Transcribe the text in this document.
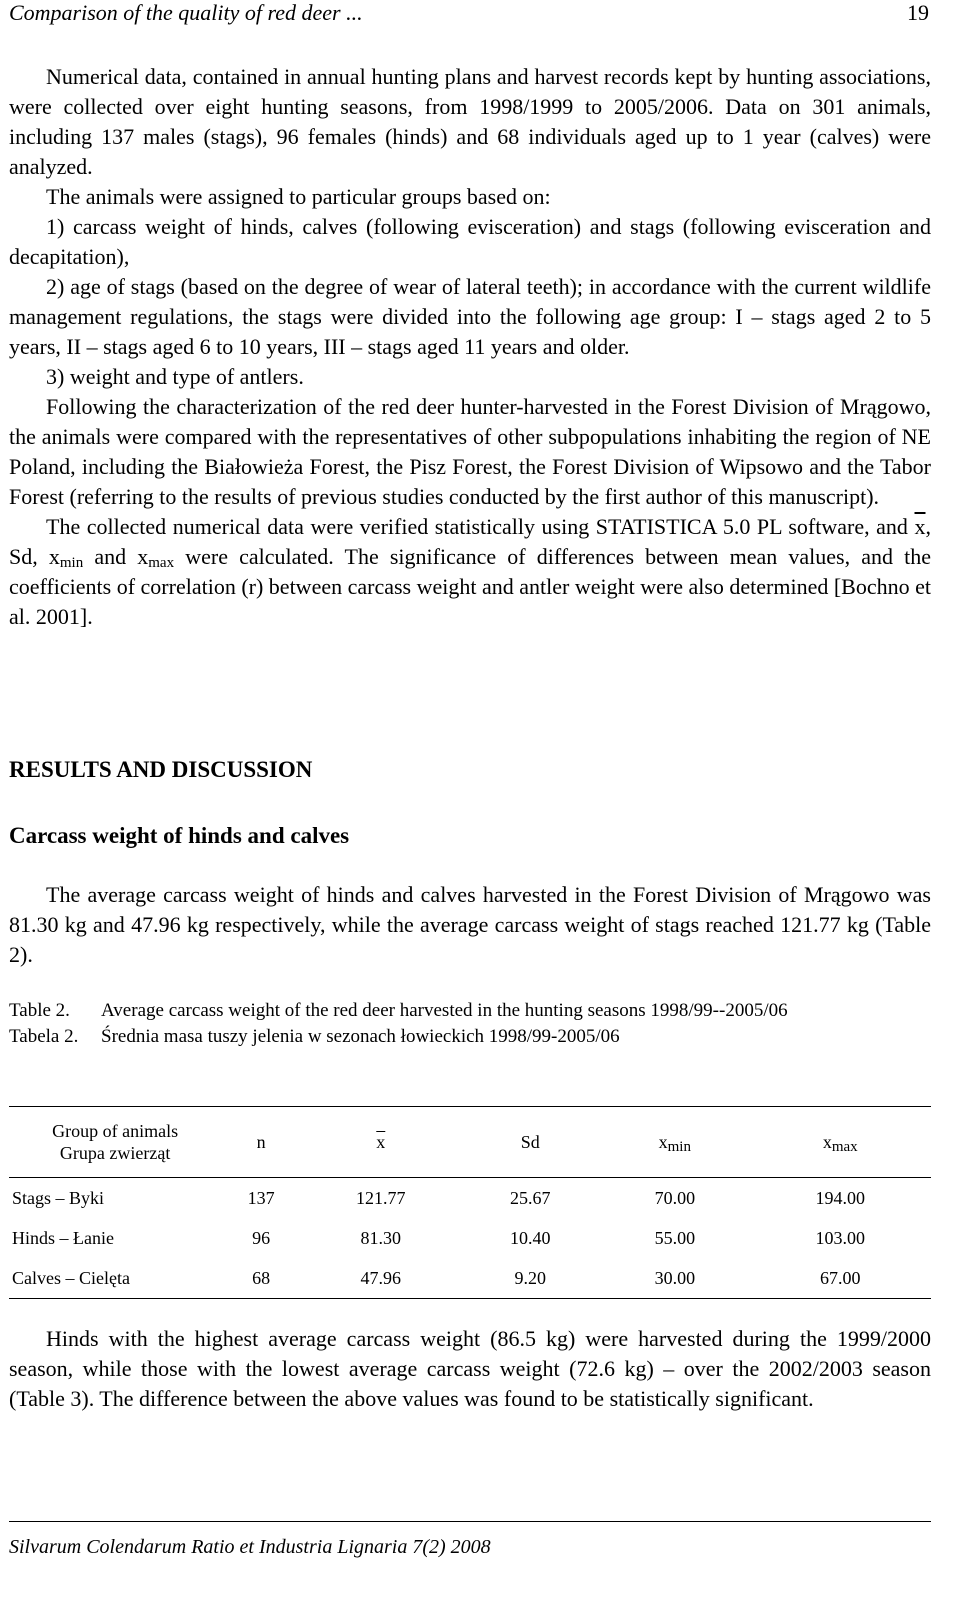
Comparison of the quality of red deer ...	19

Numerical data, contained in annual hunting plans and harvest records kept by hunting associations, were collected over eight hunting seasons, from 1998/1999 to 2005/2006. Data on 301 animals, including 137 males (stags), 96 females (hinds) and 68 individuals aged up to 1 year (calves) were analyzed.

The animals were assigned to particular groups based on:

1) carcass weight of hinds, calves (following evisceration) and stags (following evisceration and decapitation),

2) age of stags (based on the degree of wear of lateral teeth); in accordance with the current wildlife management regulations, the stags were divided into the following age group: I – stags aged 2 to 5 years, II – stags aged 6 to 10 years, III – stags aged 11 years and older.

3) weight and type of antlers.

Following the characterization of the red deer hunter-harvested in the Forest Division of Mrągowo, the animals were compared with the representatives of other subpopulations inhabiting the region of NE Poland, including the Białowieża Forest, the Pisz Forest, the Forest Division of Wipsowo and the Tabor Forest (referring to the results of previous studies conducted by the first author of this manuscript).

The collected numerical data were verified statistically using STATISTICA 5.0 PL software, and $\overline{x}$, Sd, $x_{min}$ and $x_{max}$ were calculated. The significance of differences between mean values, and the coefficients of correlation (r) between carcass weight and antler weight were also determined [Bochno et al. 2001].

RESULTS AND DISCUSSION
Carcass weight of hinds and calves

The average carcass weight of hinds and calves harvested in the Forest Division of Mrągowo was 81.30 kg and 47.96 kg respectively, while the average carcass weight of stags reached 121.77 kg (Table 2).

Table 2.	Average carcass weight of the red deer harvested in the hunting seasons 1998/99--2005/06
Tabela 2.	Średnia masa tuszy jelenia w sezonach łowieckich 1998/99-2005/06
Group of animals
Grupa zwierząt	n	$\overline{x}$	Sd	$x_{min}$	$x_{max}$

Stags – Byki	137	121.77	25.67	70.00	194.00
Hinds – Łanie	96	81.30	10.40	55.00	103.00
Calves – Cielęta	68	47.96	9.20	30.00	67.00

Hinds with the highest average carcass weight (86.5 kg) were harvested during the 1999/2000 season, while those with the lowest average carcass weight (72.6 kg) – over the 2002/2003 season (Table 3). The difference between the above values was found to be statistically significant.

Silvarum Colendarum Ratio et Industria Lignaria 7(2) 2008
